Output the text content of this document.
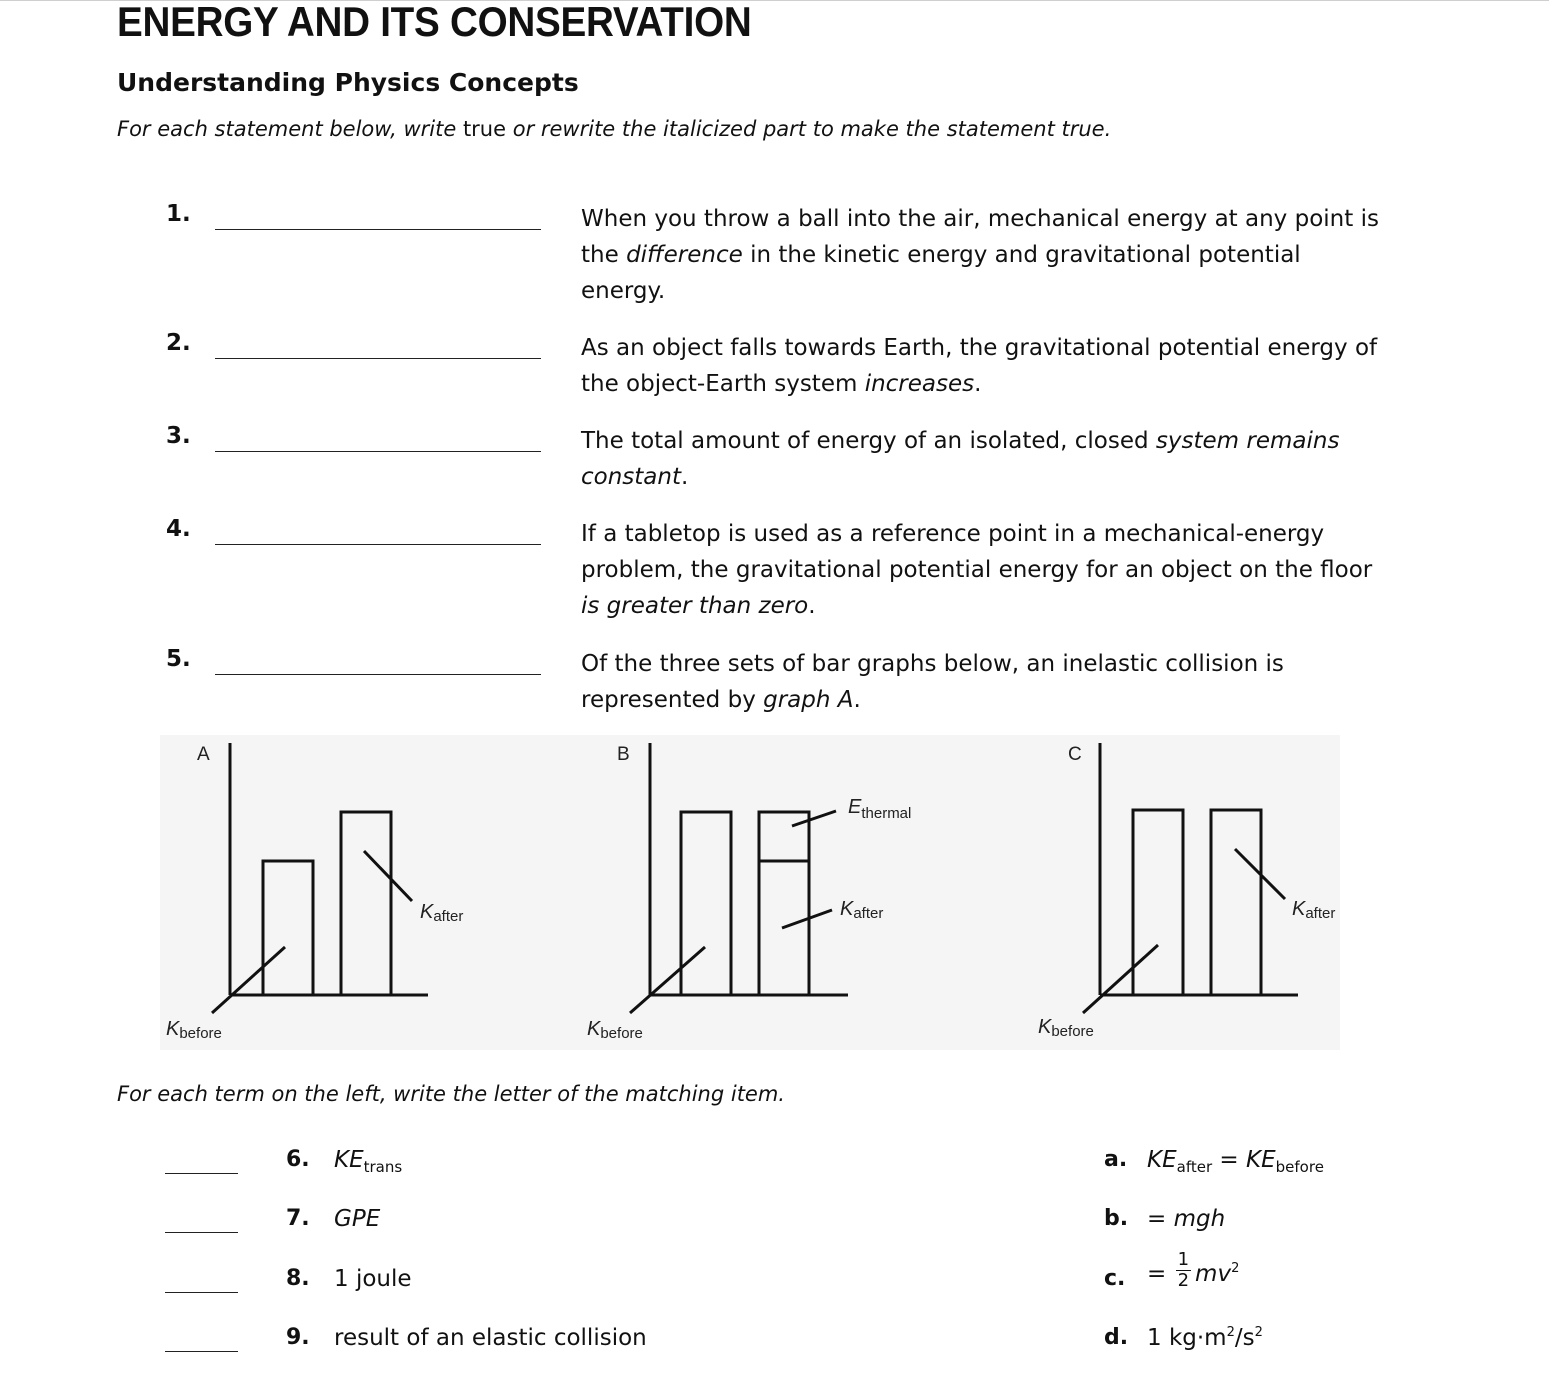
ENERGY AND ITS CONSERVATION
Understanding Physics Concepts

For each statement below, write true or rewrite the italicized part to make the statement true.

1.	When you throw a ball into the air, mechanical energy at any point is the difference in the kinetic energy and gravitational potential energy.
2.	As an object falls towards Earth, the gravitational potential energy of the object-Earth system increases.
3.	The total amount of energy of an isolated, closed system remains constant.
4.	If a tabletop is used as a reference point in a mechanical-energy problem, the gravitational potential energy for an object on the floor is greater than zero.
5.	Of the three sets of bar graphs below, an inelastic collision is represented by graph A.
A	B	C
Kbefore
Kafter
Kbefore
Kafter
$E_{thermal}$
Kbefore
Kafter

For each term on the left, write the letter of the matching item.

6. $KE_{trans}$	a. $KE_{after} = KE_{before}$
7. GPE	b. = mgh
8. 1 joule	c. = $\frac{1}{2} mv^2$
9. result of an elastic collision	d. 1 $kg\cdot m^2/s^2$
